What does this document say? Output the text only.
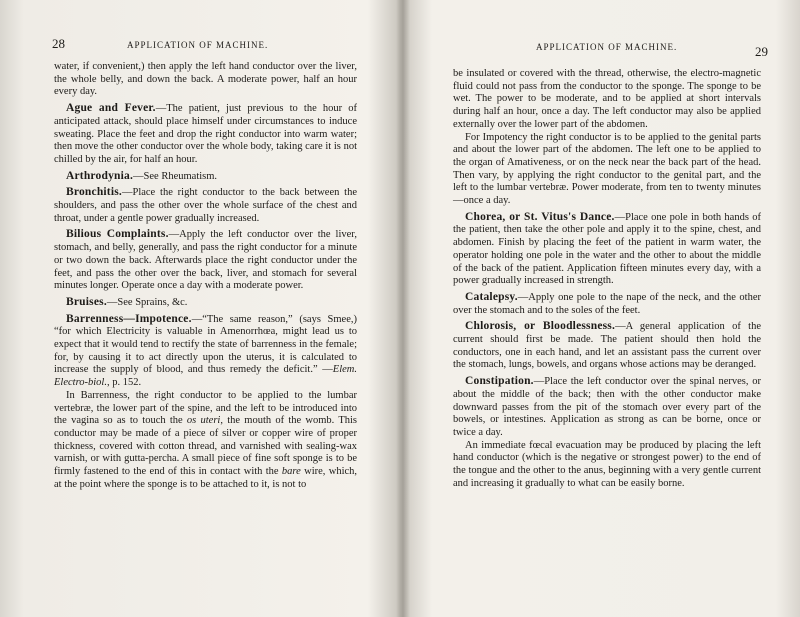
28	APPLICATION OF MACHINE.

water, if convenient,) then apply the left hand conductor over the liver, the whole belly, and down the back. A moderate power, half an hour every day.

Ague and Fever.—The patient, just previous to the hour of anticipated attack, should place himself under circumstances to induce sweating. Place the feet and drop the right conductor into warm water; then move the other conductor over the whole body, taking care it is not chilled by the air, for half an hour.

Arthrodynia.—See Rheumatism.

Bronchitis.—Place the right conductor to the back between the shoulders, and pass the other over the whole surface of the chest and throat, under a gentle power gradually increased.

Bilious Complaints.—Apply the left conductor over the liver, stomach, and belly, generally, and pass the right conductor for a minute or two down the back. Afterwards place the right conductor under the feet, and pass the other over the back, liver, and stomach for several minutes longer. Operate once a day with a moderate power.

Bruises.—See Sprains, &c.

Barrenness—Impotence.—“The same reason,” (says Smee,) “for which Electricity is valuable in Amenorrhœa, might lead us to expect that it would tend to rectify the state of barrenness in the female; for, by causing it to act directly upon the uterus, it is calculated to increase the supply of blood, and thus remedy the deficit.” —Elem. Electro-biol., p. 152.

In Barrenness, the right conductor to be applied to the lumbar vertebræ, the lower part of the spine, and the left to be introduced into the vagina so as to touch the os uteri, the mouth of the womb. This conductor may be made of a piece of silver or copper wire of proper thickness, covered with cotton thread, and varnished with sealing-wax varnish, or with gutta-percha. A small piece of fine soft sponge is to be firmly fastened to the end of this in contact with the bare wire, which, at the point where the sponge is to be attached to it, is not to

APPLICATION OF MACHINE.	29

be insulated or covered with the thread, otherwise, the electro-magnetic fluid could not pass from the conductor to the sponge. The sponge to be wet. The power to be moderate, and to be applied at short intervals during half an hour, once a day. The left conductor may also be applied externally over the lower part of the abdomen.

For Impotency the right conductor is to be applied to the genital parts and about the lower part of the abdomen. The left one to be applied to the organ of Amativeness, or on the neck near the back part of the head. Then vary, by applying the right conductor to the genital part, and the left to the lumbar vertebræ. Power moderate, from ten to twenty minutes—once a day.

Chorea, or St. Vitus's Dance.—Place one pole in both hands of the patient, then take the other pole and apply it to the spine, chest, and abdomen. Finish by placing the feet of the patient in warm water, the operator holding one pole in the water and the other to about the middle of the back of the patient. Application fifteen minutes every day, with a power gradually increased in strength.

Catalepsy.—Apply one pole to the nape of the neck, and the other over the stomach and to the soles of the feet.

Chlorosis, or Bloodlessness.—A general application of the current should first be made. The patient should then hold the conductors, one in each hand, and let an assistant pass the current over the stomach, lungs, bowels, and organs whose actions may be deranged.

Constipation.—Place the left conductor over the spinal nerves, or about the middle of the back; then with the other conductor make downward passes from the pit of the stomach over every part of the bowels, or intestines. Application as strong as can be borne, once or twice a day.

An immediate fœcal evacuation may be produced by placing the left hand conductor (which is the negative or strongest power) to the end of the tongue and the other to the anus, beginning with a very gentle current and increasing it gradually to what can be easily borne.
